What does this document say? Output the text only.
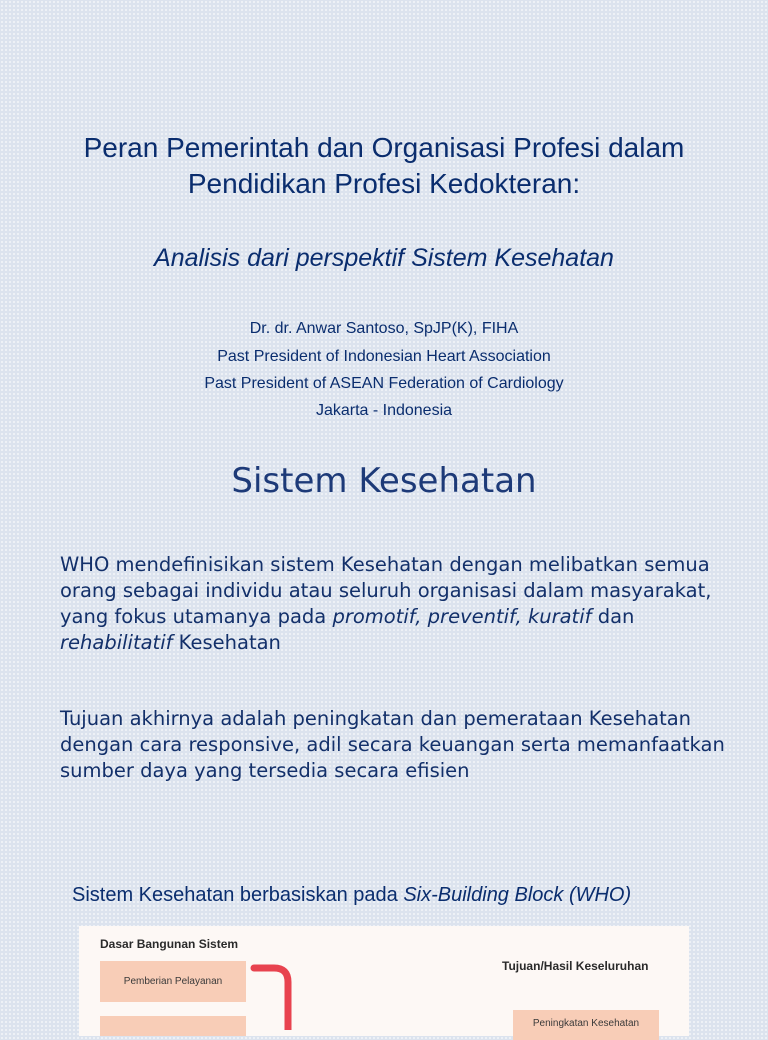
Peran Pemerintah dan Organisasi Profesi dalam
Pendidikan Profesi Kedokteran:
Analisis dari perspektif Sistem Kesehatan
Dr. dr. Anwar Santoso, SpJP(K), FIHA
Past President of Indonesian Heart Association
Past President of ASEAN Federation of Cardiology
Jakarta - Indonesia
Sistem Kesehatan
WHO mendefinisikan sistem Kesehatan dengan melibatkan semua orang sebagai individu atau seluruh organisasi dalam masyarakat, yang fokus utamanya pada promotif, preventif, kuratif dan rehabilitatif Kesehatan
Tujuan akhirnya adalah peningkatan dan pemerataan Kesehatan dengan cara responsive, adil secara keuangan serta memanfaatkan sumber daya yang tersedia secara efisien
Sistem Kesehatan berbasiskan pada Six-Building Block (WHO)
Dasar Bangunan Sistem
Pemberian Pelayanan
Tujuan/Hasil Keseluruhan
Peningkatan Kesehatan
